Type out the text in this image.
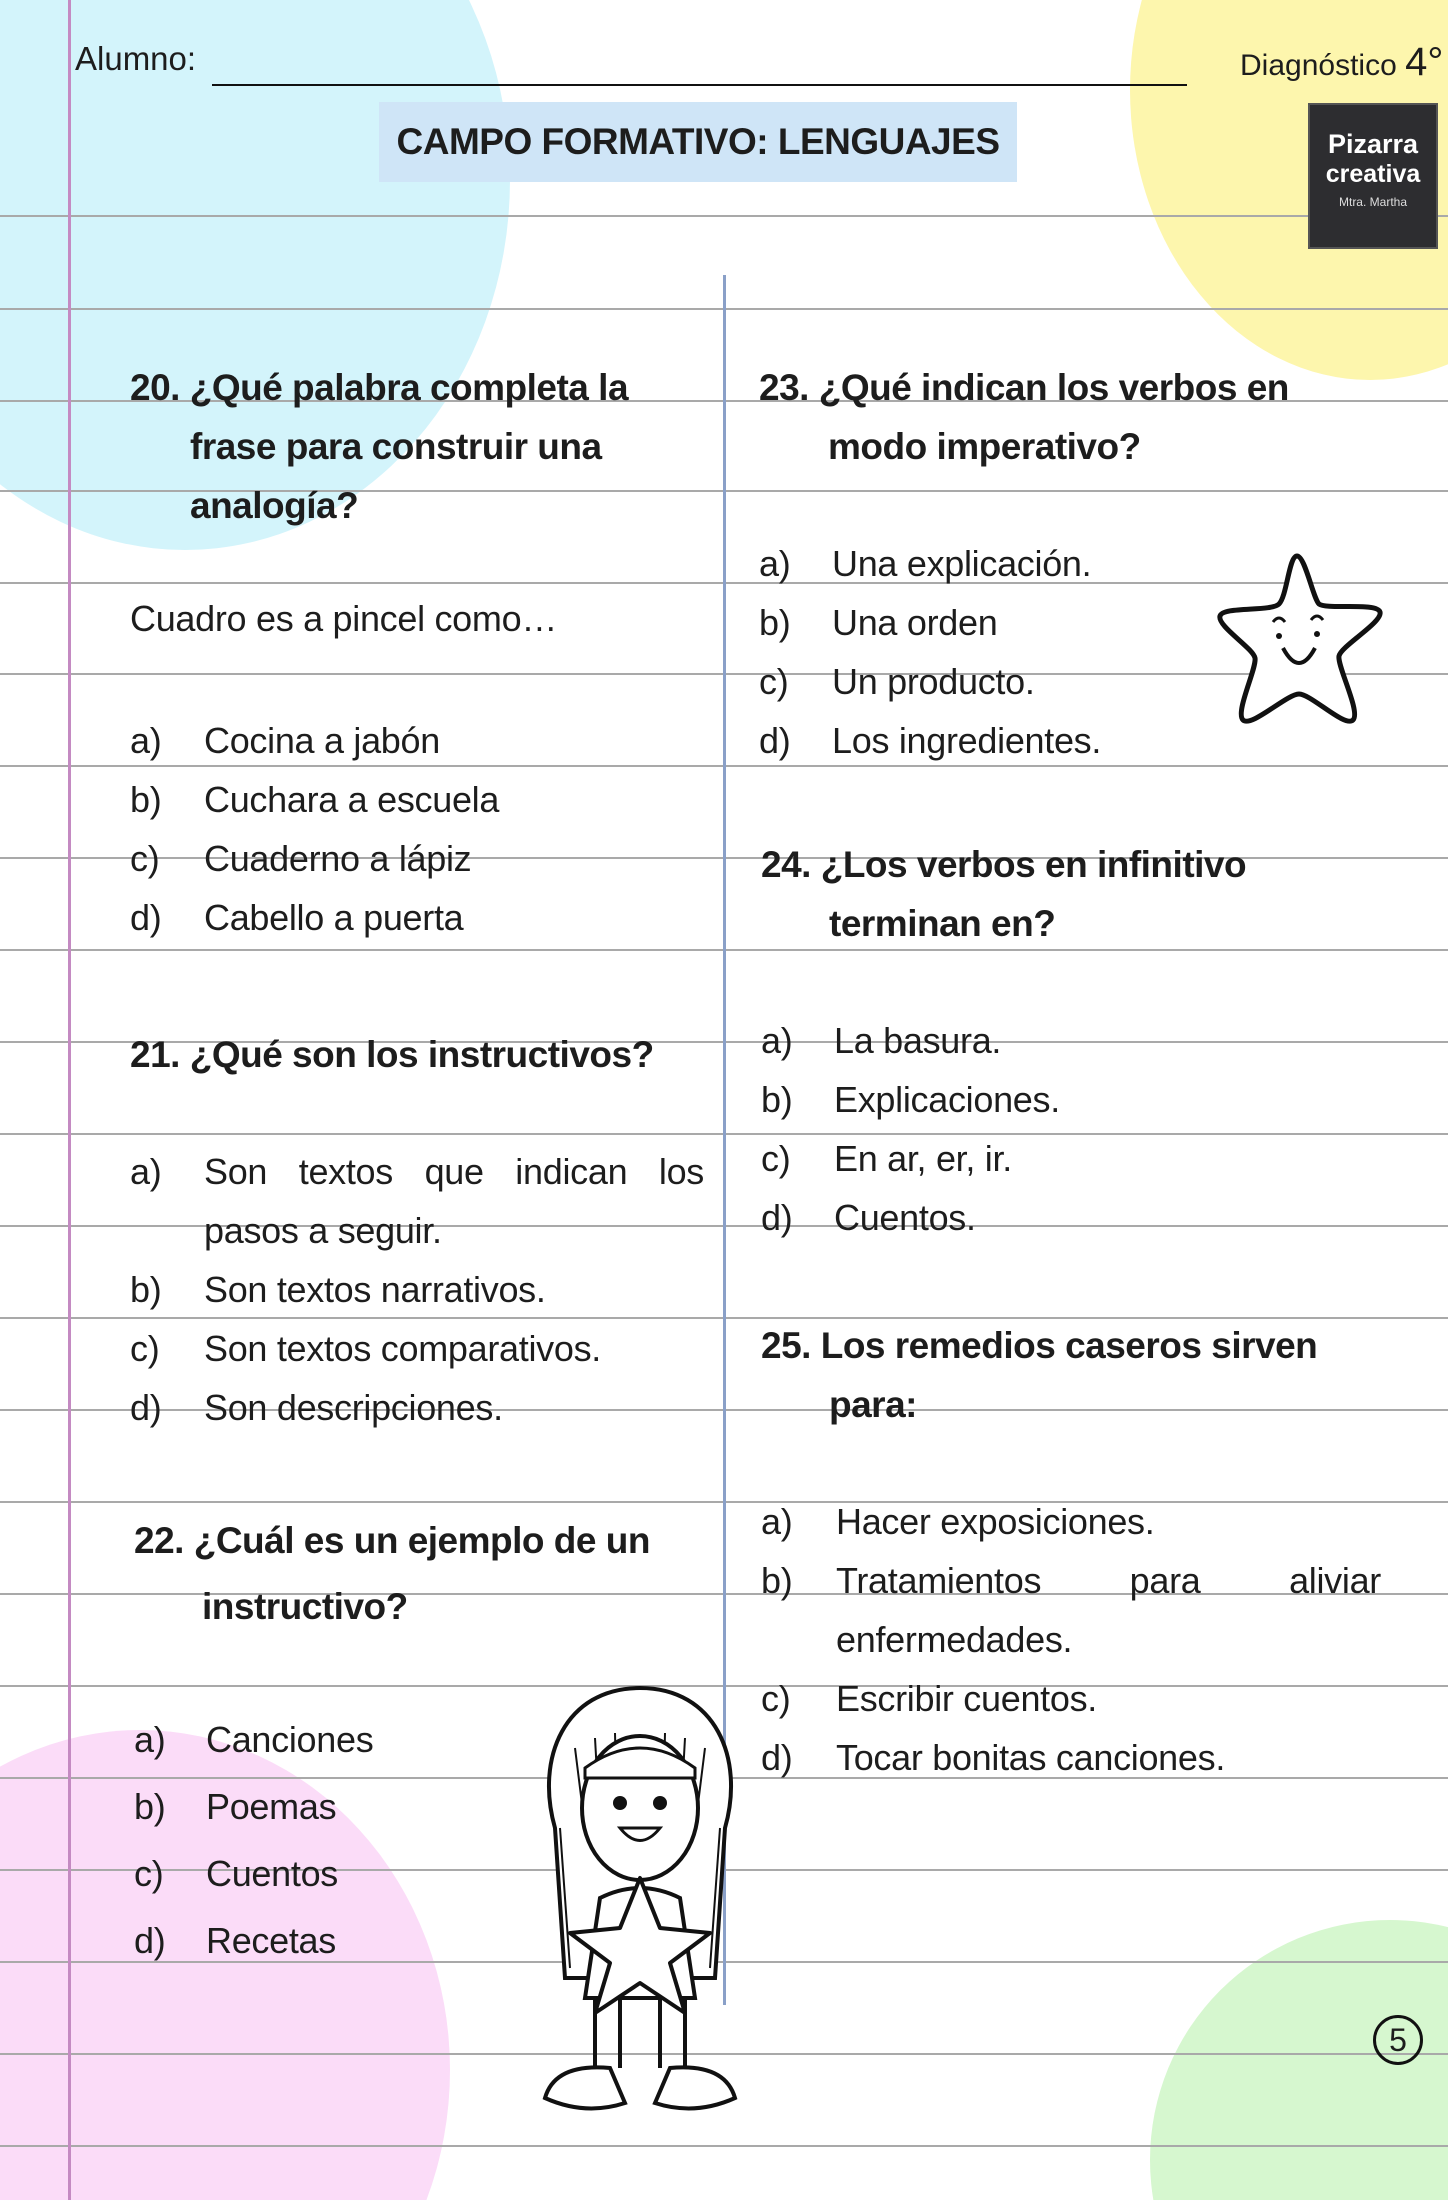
Alumno:	Diagnóstico 4°
CAMPO FORMATIVO: LENGUAJES	Pizarra
creativa
Mtra. Martha
20. ¿Qué palabra completa la
frase para construir una
analogía?
Cuadro es a pincel como…
a)	Cocina a jabón
b)	Cuchara a escuela
c)	Cuaderno a lápiz
d)	Cabello a puerta
21. ¿Qué son los instructivos?
a)	Son textos que indican los pasos a seguir.
b)	Son textos narrativos.
c)	Son textos comparativos.
d)	Son descripciones.
22. ¿Cuál es un ejemplo de un
instructivo?
a)	Canciones
b)	Poemas
c)	Cuentos
d)	Recetas
23. ¿Qué indican los verbos en
modo imperativo?
a)	Una explicación.
b)	Una orden
c)	Un producto.
d)	Los ingredientes.
24. ¿Los verbos en infinitivo
terminan en?
a)	La basura.
b)	Explicaciones.
c)	En ar, er, ir.
d)	Cuentos.
25. Los remedios caseros sirven
para:
a)	Hacer exposiciones.
b)	Tratamientos para aliviar enfermedades.
c)	Escribir cuentos.
d)	Tocar bonitas canciones.
5
